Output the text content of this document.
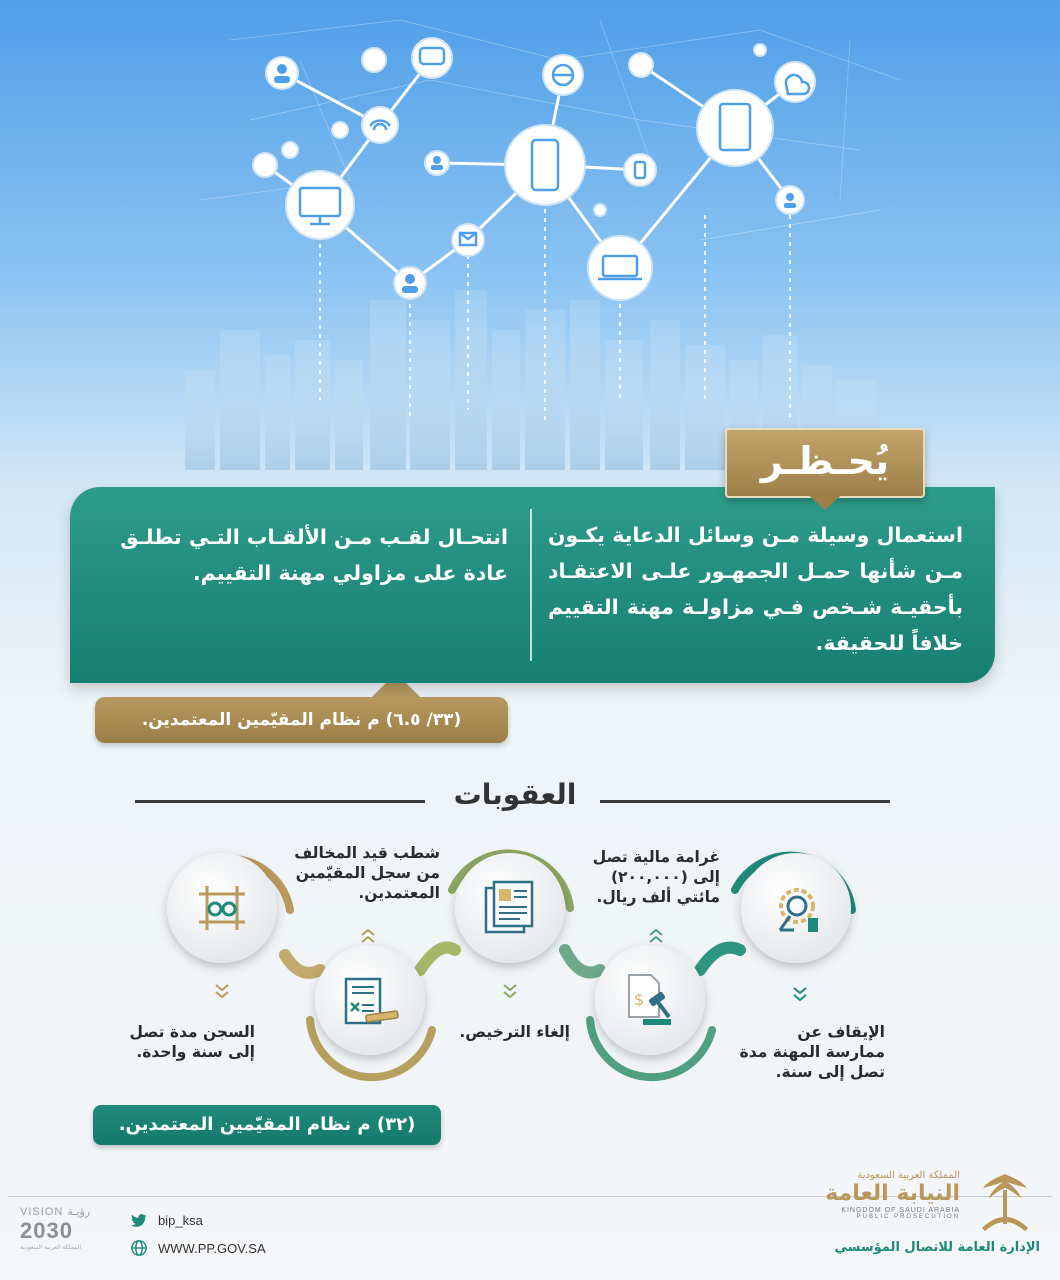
يُحـظـر
استعمال وسيلة مـن وسائل الدعاية يكـون مـن شأنها حمـل الجمهـور علـى الاعتقـاد بأحقيـة شـخص فـي مزاولـة مهنة التقييم خلافاً للحقيقة.
انتحـال لقـب مـن الألقـاب التـي تطلـق عادة على مزاولي مهنة التقييم.
(٣٣/ ٦.٥) م نظام المقيّمين المعتمدين.
العقوبات
$
الإيقاف عن ممارسة المهنة مدة تصل إلى سنة.
غرامة مالية تصل إلى (٢٠٠,٠٠٠) مائتي ألف ريال.
إلغاء الترخيص.
شطب قيد المخالف من سجل المقيّمين المعتمدين.
السجن مدة تصل إلى سنة واحدة.
(٣٢) م نظام المقيّمين المعتمدين.
VISION رؤيـة
2030
المملكة العربية السعودية
bip_ksa
WWW.PP.GOV.SA
المملكة العربية السعودية
النيابة العامة
KINGDOM OF SAUDI ARABIA
PUBLIC PROSECUTION
الإدارة العامة للاتصال المؤسسي
